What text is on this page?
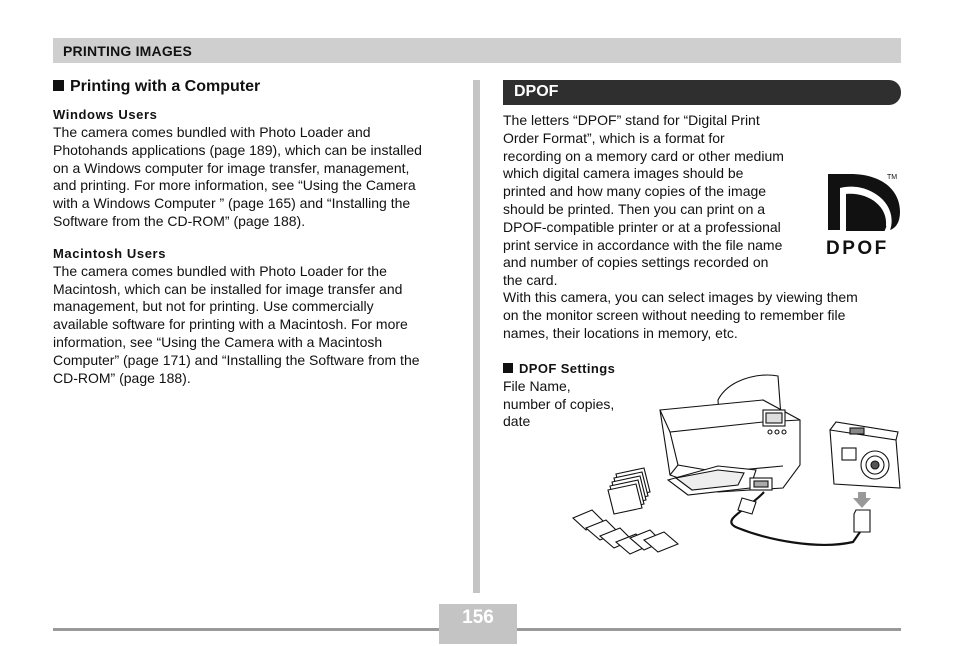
PRINTING IMAGES
Printing with a Computer
Windows Users
The camera comes bundled with Photo Loader and
Photohands applications (page 189), which can be installed
on a Windows computer for image transfer, management,
and printing. For more information, see “Using the Camera
with a Windows Computer ” (page 165) and “Installing the
Software from the CD-ROM” (page 188).
Macintosh Users
The camera comes bundled with Photo Loader for the
Macintosh, which can be installed for image transfer and
management, but not for printing. Use commercially
available software for printing with a Macintosh. For more
information, see “Using the Camera with a Macintosh
Computer” (page 171) and “Installing the Software from the
CD-ROM” (page 188).
DPOF
The letters “DPOF” stand for “Digital Print
Order Format”, which is a format for
recording on a memory card or other medium
which digital camera images should be
printed and how many copies of the image
should be printed. Then you can print on a
DPOF-compatible printer or at a professional
print service in accordance with the file name
and number of copies settings recorded on
the card.
With this camera, you can select images by viewing them
on the monitor screen without needing to remember file
names, their locations in memory, etc.
TM
DPOF
DPOF Settings
File Name,
number of copies,
date
156
